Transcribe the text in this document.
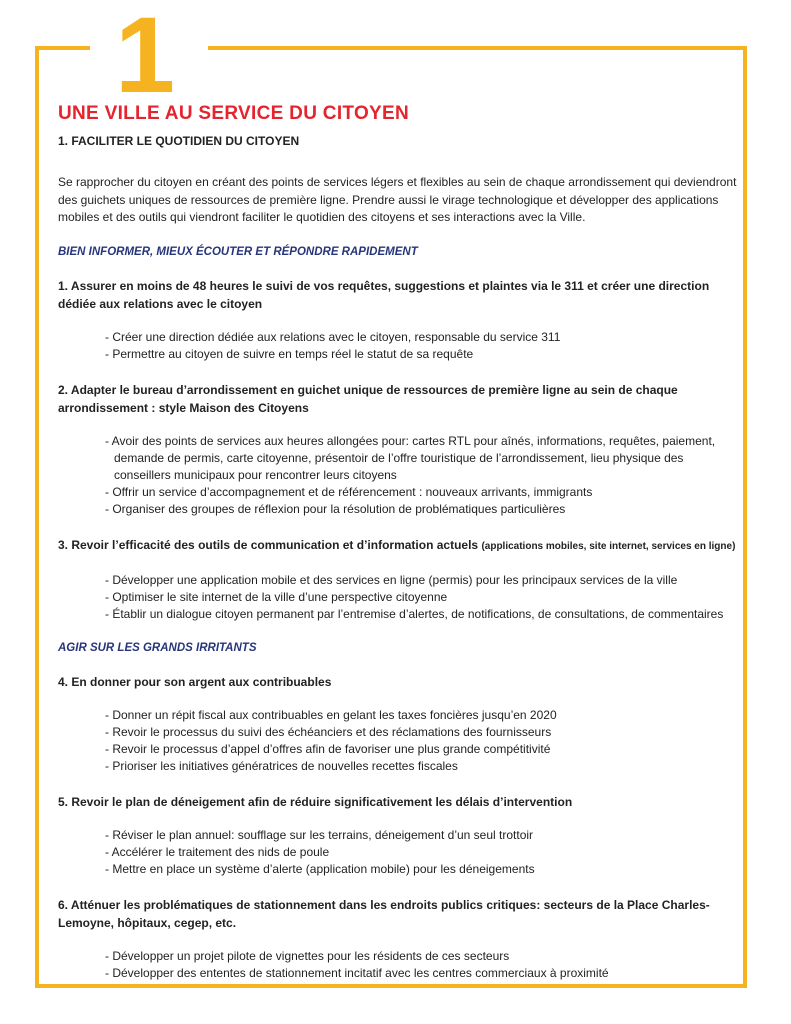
1
UNE VILLE AU SERVICE DU CITOYEN
1. FACILITER LE QUOTIDIEN DU CITOYEN

Se rapprocher du citoyen en créant des points de services légers et flexibles au sein de chaque arrondissement qui deviendront des guichets uniques de ressources de première ligne. Prendre aussi le virage technologique et développer des applications mobiles et des outils qui viendront faciliter le quotidien des citoyens et ses interactions avec la Ville.

BIEN INFORMER, MIEUX ÉCOUTER ET RÉPONDRE RAPIDEMENT
1. Assurer en moins de 48 heures le suivi de vos requêtes, suggestions et plaintes via le 311 et créer une direction dédiée aux relations avec le citoyen
- Créer une direction dédiée aux relations avec le citoyen, responsable du service 311
- Permettre au citoyen de suivre en temps réel le statut de sa requête
2. Adapter le bureau d’arrondissement en guichet unique de ressources de première ligne au sein de chaque arrondissement : style Maison des Citoyens
- Avoir des points de services aux heures allongées pour: cartes RTL pour aînés, informations, requêtes, paiement, demande de permis, carte citoyenne, présentoir de l’offre touristique de l’arrondissement, lieu physique des conseillers municipaux pour rencontrer leurs citoyens
- Offrir un service d’accompagnement et de référencement : nouveaux arrivants, immigrants
- Organiser des groupes de réflexion pour la résolution de problématiques particulières
3. Revoir l’efficacité des outils de communication et d’information actuels (applications mobiles, site internet, services en ligne)
- Développer une application mobile et des services en ligne (permis) pour les principaux services de la ville
- Optimiser le site internet de la ville d’une perspective citoyenne
- Établir un dialogue citoyen permanent par l’entremise d’alertes, de notifications, de consultations, de commentaires
AGIR SUR LES GRANDS IRRITANTS
4. En donner pour son argent aux contribuables
- Donner un répit fiscal aux contribuables en gelant les taxes foncières jusqu’en 2020
- Revoir le processus du suivi des échéanciers et des réclamations des fournisseurs
- Revoir le processus d’appel d’offres afin de favoriser une plus grande compétitivité
- Prioriser les initiatives génératrices de nouvelles recettes fiscales
5. Revoir le plan de déneigement afin de réduire significativement les délais d’intervention
- Réviser le plan annuel: soufflage sur les terrains, déneigement d’un seul trottoir
- Accélérer le traitement des nids de poule
- Mettre en place un système d’alerte (application mobile) pour les déneigements
6. Atténuer les problématiques de stationnement dans les endroits publics critiques: secteurs de la Place Charles-Lemoyne, hôpitaux, cegep, etc.
- Développer un projet pilote de vignettes pour les résidents de ces secteurs
- Développer des ententes de stationnement incitatif avec les centres commerciaux à proximité
